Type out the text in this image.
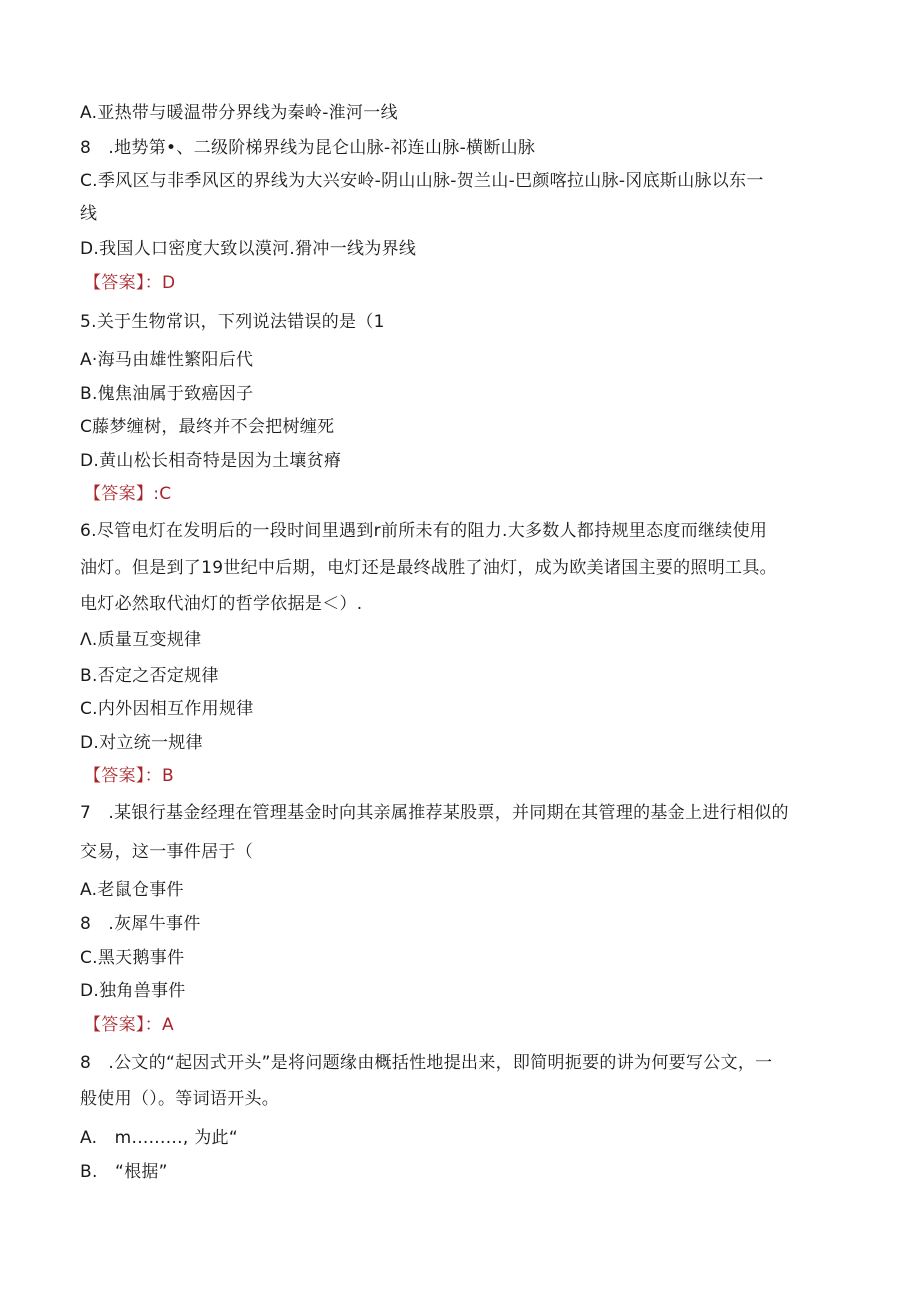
A.亚热带与暖温带分界线为秦岭-淮河一线
8 .地势第•、二级阶梯界线为昆仑山脉-祁连山脉-横断山脉
C.季风区与非季风区的界线为大兴安岭-阴山山脉-贺兰山-巴颜喀拉山脉-冈底斯山脉以东一
线
D.我国人口密度大致以漠河.猾冲一线为界线
【答案】：D
5.关于生物常识，下列说法错误的是（1
A·海马由雄性繁阳后代
B.傀焦油属于致癌因子
C藤梦缠树，最终并不会把树缠死
D.黄山松长相奇特是因为土壤贫瘠
【答案】:C
6.尽管电灯在发明后的一段时间里遇到r前所未有的阻力.大多数人都持规里态度而继续使用
油灯。但是到了19世纪中后期，电灯还是最终战胜了油灯，成为欧美诸国主要的照明工具。
电灯必然取代油灯的哲学依据是＜）.
Λ.质量互变规律
B.否定之否定规律
C.内外因相互作用规律
D.对立统一规律
【答案】：B
7 .某银行基金经理在管理基金时向其亲属推荐某股票，并同期在其管理的基金上进行相似的
交易，这一事件居于（
A.老鼠仓事件
8 .灰犀牛事件
C.黑天鹅事件
D.独角兽事件
【答案】：A
8 .公文的“起因式开头”是将问题缘由概括性地提出来，即简明扼要的讲为何要写公文，一
般使用（）。等词语开头。
A. m........., 为此“
B. “根据”
